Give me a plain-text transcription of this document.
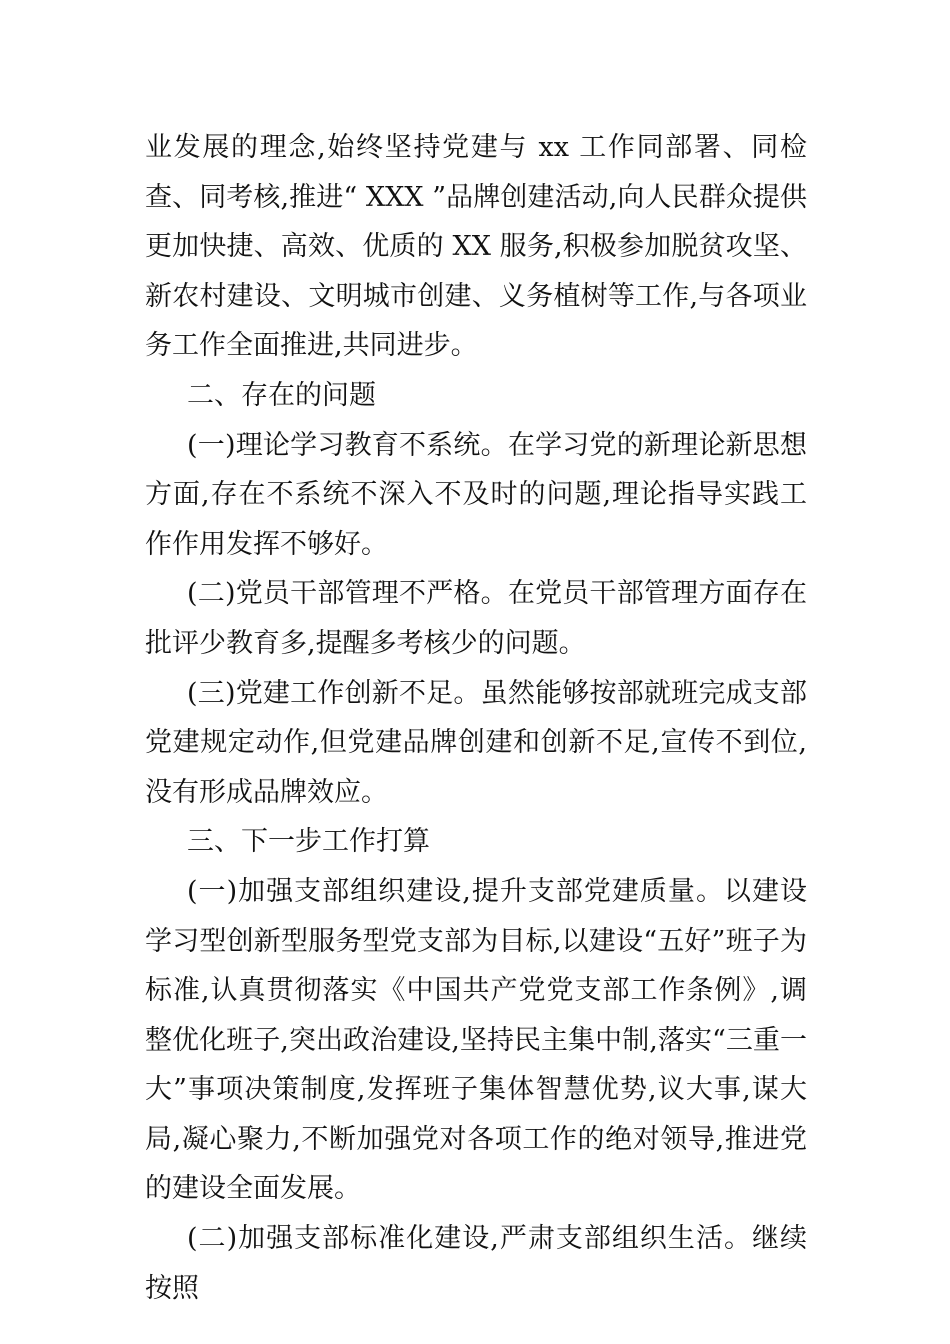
业发展的理念,始终坚持党建与 xx 工作同部署、同检查、同考核,推进“ XXX ”品牌创建活动,向人民群众提供更加快捷、高效、优质的 XX 服务,积极参加脱贫攻坚、新农村建设、文明城市创建、义务植树等工作,与各项业务工作全面推进,共同进步。

二、存在的问题

(一)理论学习教育不系统。在学习党的新理论新思想方面,存在不系统不深入不及时的问题,理论指导实践工作作用发挥不够好。

(二)党员干部管理不严格。在党员干部管理方面存在批评少教育多,提醒多考核少的问题。

(三)党建工作创新不足。虽然能够按部就班完成支部党建规定动作,但党建品牌创建和创新不足,宣传不到位,没有形成品牌效应。

三、下一步工作打算

(一)加强支部组织建设,提升支部党建质量。以建设学习型创新型服务型党支部为目标,以建设“五好”班子为标准,认真贯彻落实《中国共产党党支部工作条例》,调整优化班子,突出政治建设,坚持民主集中制,落实“三重一大”事项决策制度,发挥班子集体智慧优势,议大事,谋大局,凝心聚力,不断加强党对各项工作的绝对领导,推进党的建设全面发展。

(二)加强支部标准化建设,严肃支部组织生活。继续按照
